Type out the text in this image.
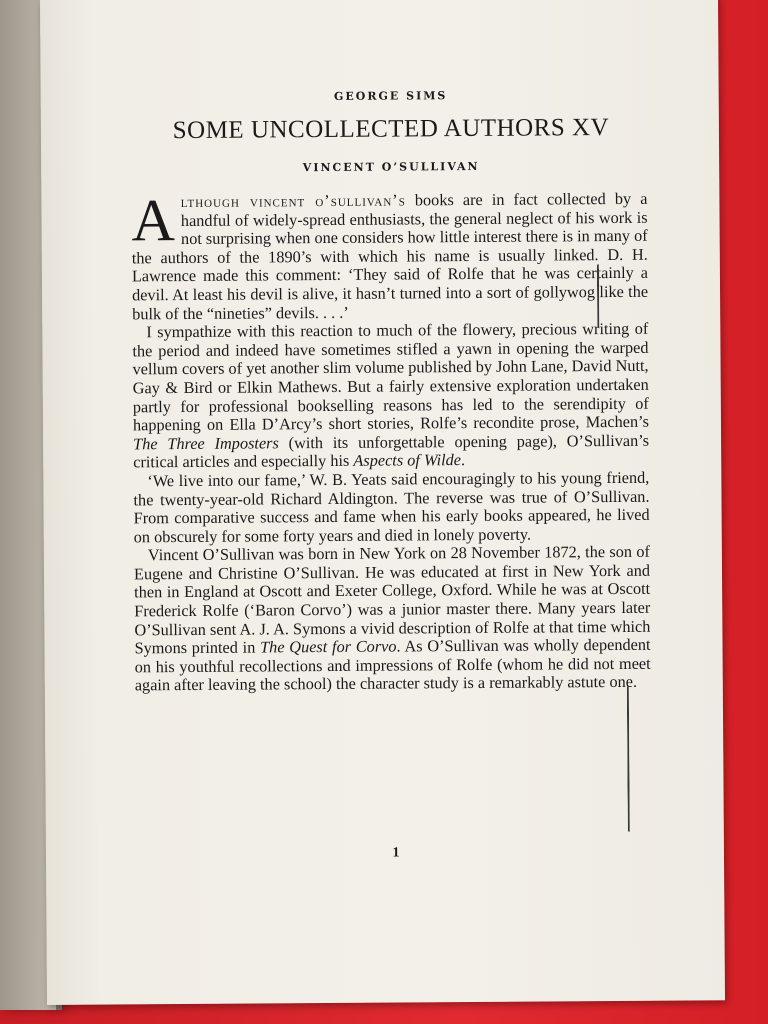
GEORGE SIMS
SOME UNCOLLECTED AUTHORS XV
VINCENT O’SULLIVAN

Although vincent o’sullivan’s books are in fact collected by a handful of widely-spread enthusiasts, the general neglect of his work is not surprising when one considers how little interest there is in many of the authors of the 1890’s with which his name is usually linked. D. H. Lawrence made this comment: ‘They said of Rolfe that he was certainly a devil. At least his devil is alive, it hasn’t turned into a sort of gollywog like the bulk of the “nineties” devils. . . .’

I sympathize with this reaction to much of the flowery, precious writing of the period and indeed have sometimes stifled a yawn in opening the warped vellum covers of yet another slim volume published by John Lane, David Nutt, Gay & Bird or Elkin Mathews. But a fairly extensive exploration undertaken partly for professional bookselling reasons has led to the serendipity of happening on Ella D’Arcy’s short stories, Rolfe’s recondite prose, Machen’s The Three Imposters (with its unforgettable opening page), O’Sullivan’s critical articles and especially his Aspects of Wilde.

‘We live into our fame,’ W. B. Yeats said encouragingly to his young friend, the twenty-year-old Richard Aldington. The reverse was true of O’Sullivan. From comparative success and fame when his early books appeared, he lived on obscurely for some forty years and died in lonely poverty.

Vincent O’Sullivan was born in New York on 28 November 1872, the son of Eugene and Christine O’Sullivan. He was educated at first in New York and then in England at Oscott and Exeter College, Oxford. While he was at Oscott Frederick Rolfe (‘Baron Corvo’) was a junior master there. Many years later O’Sullivan sent A. J. A. Symons a vivid description of Rolfe at that time which Symons printed in The Quest for Corvo. As O’Sullivan was wholly dependent on his youthful recollections and impressions of Rolfe (whom he did not meet again after leaving the school) the character study is a remarkably astute one.

1
